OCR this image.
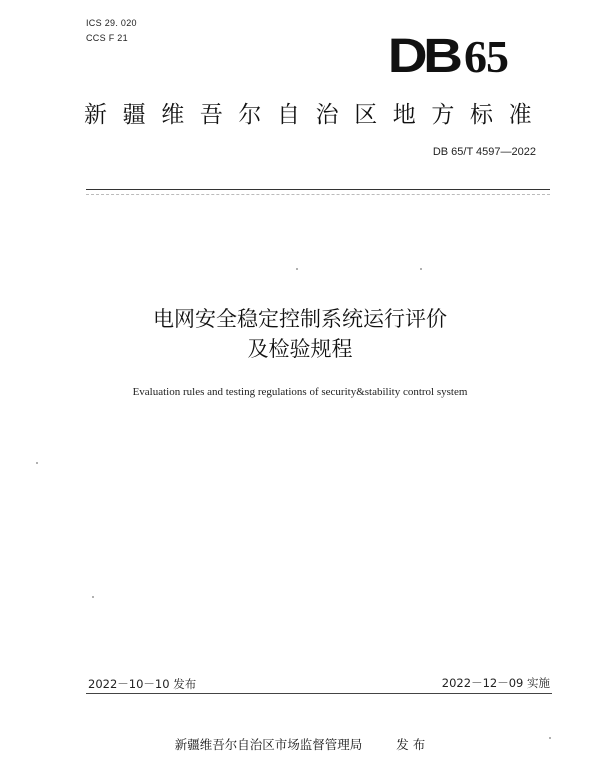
ICS 29. 020
CCS F 21	DB 65
新疆维吾尔自治区地方标准
DB 65/T 4597—2022
电网安全稳定控制系统运行评价
及检验规程
Evaluation rules and testing regulations of security&stability control system
2022－10－10 发布	2022－12－09 实施
新疆维吾尔自治区市场监督管理局	发 布
